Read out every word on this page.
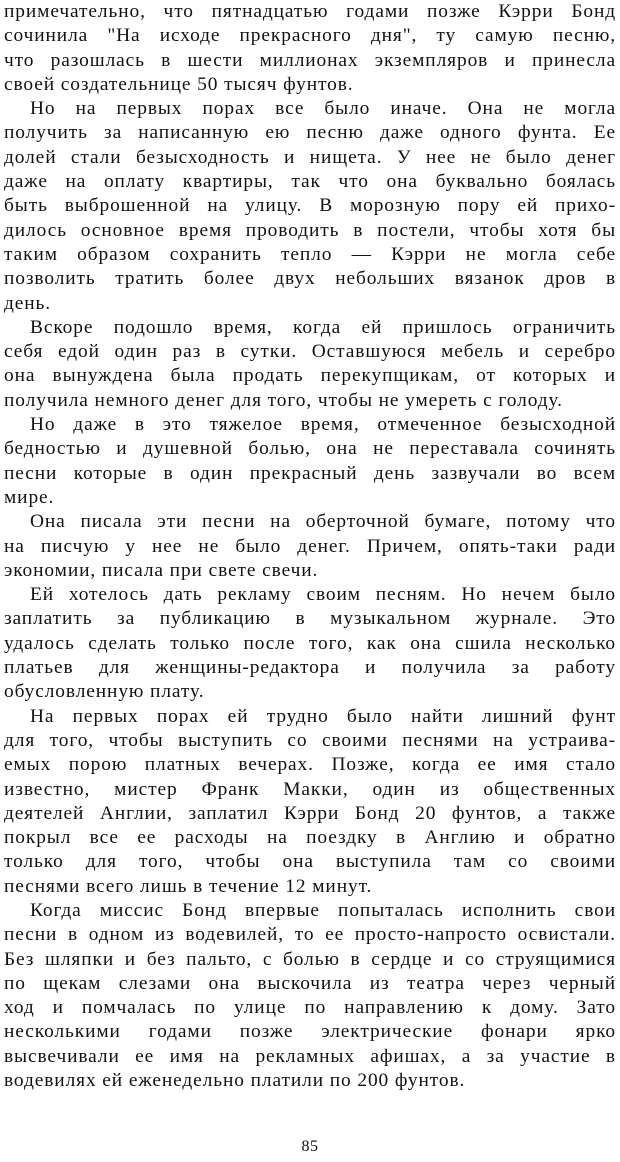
примечательно, что пятнадцатью годами позже Кэрри Бонд

сочинила "На исходе прекрасного дня", ту самую песню,

что разошлась в шести миллионах экземпляров и принесла

своей создательнице 50 тысяч фунтов.

Но на первых порах все было иначе. Она не могла

получить за написанную ею песню даже одного фунта. Ее

долей стали безысходность и нищета. У нее не было денег

даже на оплату квартиры, так что она буквально боялась

быть выброшенной на улицу. В морозную пору ей прихо-

дилось основное время проводить в постели, чтобы хотя бы

таким образом сохранить тепло — Кэрри не могла себе

позволить тратить более двух небольших вязанок дров в

день.

Вскоре подошло время, когда ей пришлось ограничить

себя едой один раз в сутки. Оставшуюся мебель и серебро

она вынуждена была продать перекупщикам, от которых и

получила немного денег для того, чтобы не умереть с голоду.

Но даже в это тяжелое время, отмеченное безысходной

бедностью и душевной болью, она не переставала сочинять

песни которые в один прекрасный день зазвучали во всем

мире.

Она писала эти песни на оберточной бумаге, потому что

на писчую у нее не было денег. Причем, опять-таки ради

экономии, писала при свете свечи.

Ей хотелось дать рекламу своим песням. Но нечем было

заплатить за публикацию в музыкальном журнале. Это

удалось сделать только после того, как она сшила несколько

платьев для женщины-редактора и получила за работу

обусловленную плату.

На первых порах ей трудно было найти лишний фунт

для того, чтобы выступить со своими песнями на устраива-

емых порою платных вечерах. Позже, когда ее имя стало

известно, мистер Франк Макки, один из общественных

деятелей Англии, заплатил Кэрри Бонд 20 фунтов, а также

покрыл все ее расходы на поездку в Англию и обратно

только для того, чтобы она выступила там со своими

песнями всего лишь в течение 12 минут.

Когда миссис Бонд впервые попыталась исполнить свои

песни в одном из водевилей, то ее просто-напросто освистали.

Без шляпки и без пальто, с болью в сердце и со струящимися

по щекам слезами она выскочила из театра через черный

ход и помчалась по улице по направлению к дому. Зато

несколькими годами позже электрические фонари ярко

высвечивали ее имя на рекламных афишах, а за участие в

водевилях ей еженедельно платили по 200 фунтов.

85
